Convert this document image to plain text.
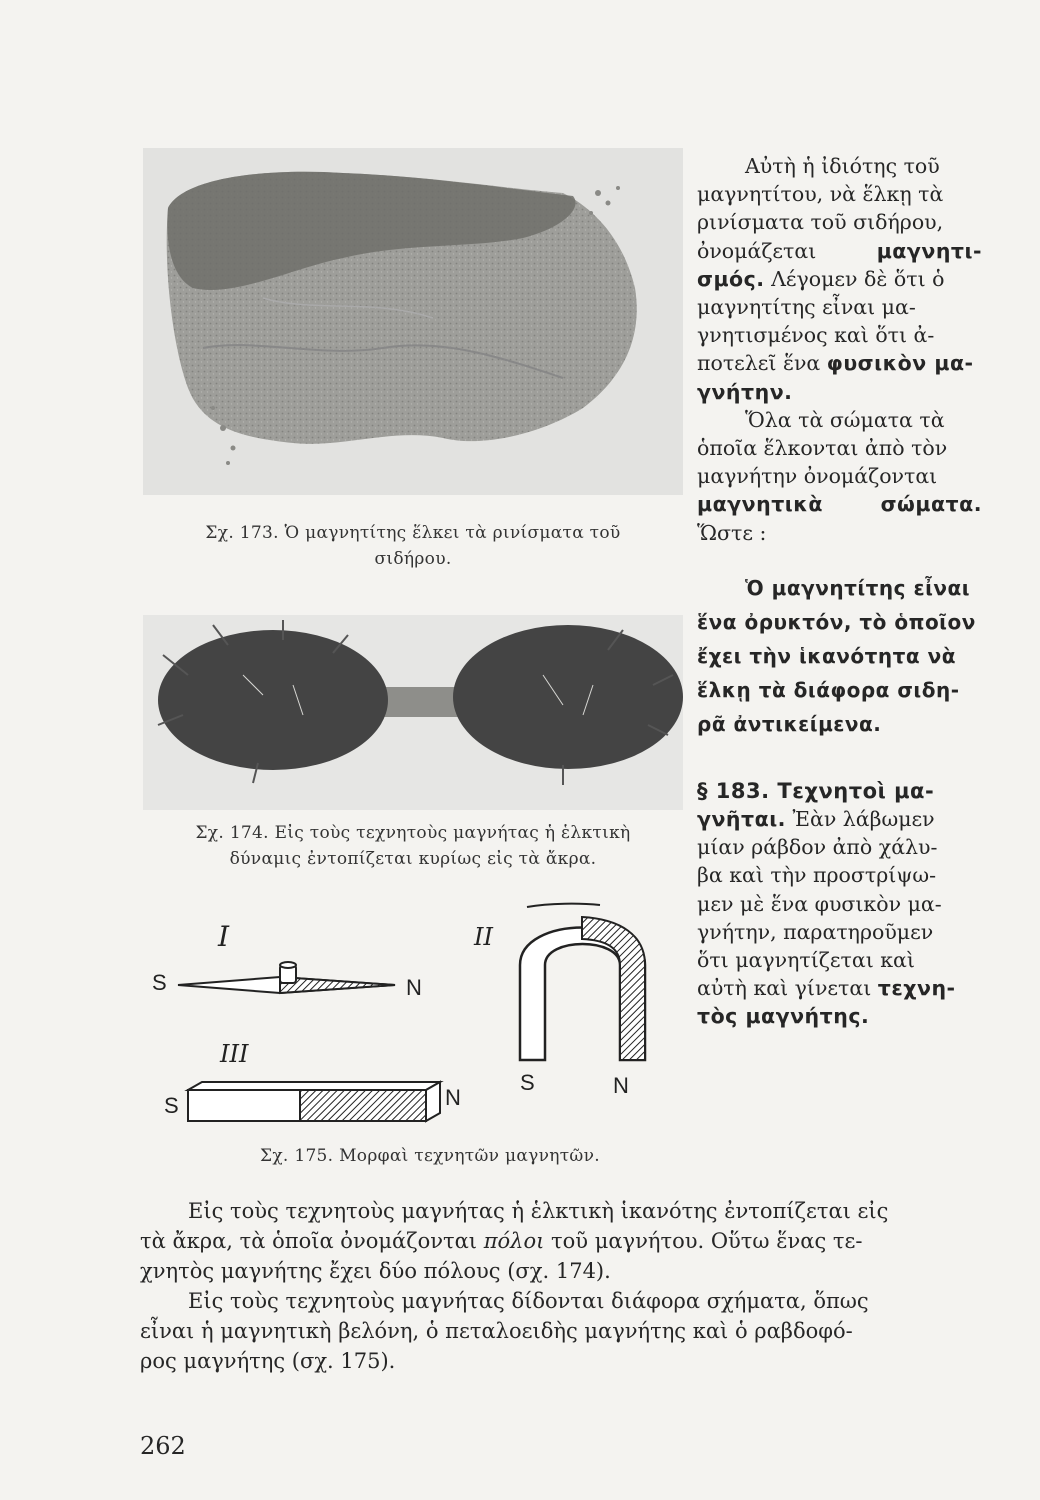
Σχ. 173. Ὁ μαγνητίτης ἕλκει τὰ ρινίσματα τοῦ
σιδήρου.
Σχ. 174. Εἰς τοὺς τεχνητοὺς μαγνήτας ἡ ἑλκτικὴ
δύναμις ἐντοπίζεται κυρίως εἰς τὰ ἄκρα.
I	II
III
S	N
S	N
S	N
Σχ. 175. Μορφαὶ τεχνητῶν μαγνητῶν.

Αὐτὴ ἡ ἰδιότης τοῦ
μαγνητίτου, νὰ ἕλκῃ τὰ
ρινίσματα τοῦ σιδήρου,
ὀνομάζεται	μαγνητι-
σμός. Λέγομεν δὲ ὅτι ὁ
μαγνητίτης εἶναι μα-
γνητισμένος καὶ ὅτι ἀ-
ποτελεῖ ἕνα φυσικὸν μα-
γνήτην.

Ὅλα τὰ σώματα τὰ
ὁποῖα ἕλκονται ἀπὸ τὸν
μαγνήτην ὀνομάζονται
μαγνητικὰ	σώματα.
Ὥστε :

Ὁ μαγνητίτης εἶναι
ἕνα ὀρυκτόν, τὸ ὁποῖον
ἔχει τὴν ἱκανότητα νὰ
ἕλκῃ τὰ διάφορα σιδη-
ρᾶ ἀντικείμενα.

§ 183. Τεχνητοὶ μα-
γνῆται. Ἐὰν λάβωμεν
μίαν ράβδον ἀπὸ χάλυ-
βα καὶ τὴν προστρίψω-
μεν μὲ ἕνα φυσικὸν μα-
γνήτην, παρατηροῦμεν
ὅτι μαγνητίζεται καὶ
αὐτὴ καὶ γίνεται τεχνη-
τὸς μαγνήτης.

Εἰς τοὺς τεχνητοὺς μαγνήτας ἡ ἑλκτικὴ ἱκανότης ἐντοπίζεται εἰς
τὰ ἄκρα, τὰ ὁποῖα ὀνομάζονται πόλοι τοῦ μαγνήτου. Οὕτω ἕνας τε-
χνητὸς μαγνήτης ἔχει δύο πόλους (σχ. 174).

Εἰς τοὺς τεχνητοὺς μαγνήτας δίδονται διάφορα σχήματα, ὅπως
εἶναι ἡ μαγνητικὴ βελόνη, ὁ πεταλοειδὴς μαγνήτης καὶ ὁ ραβδοφό-
ρος μαγνήτης (σχ. 175).

262
